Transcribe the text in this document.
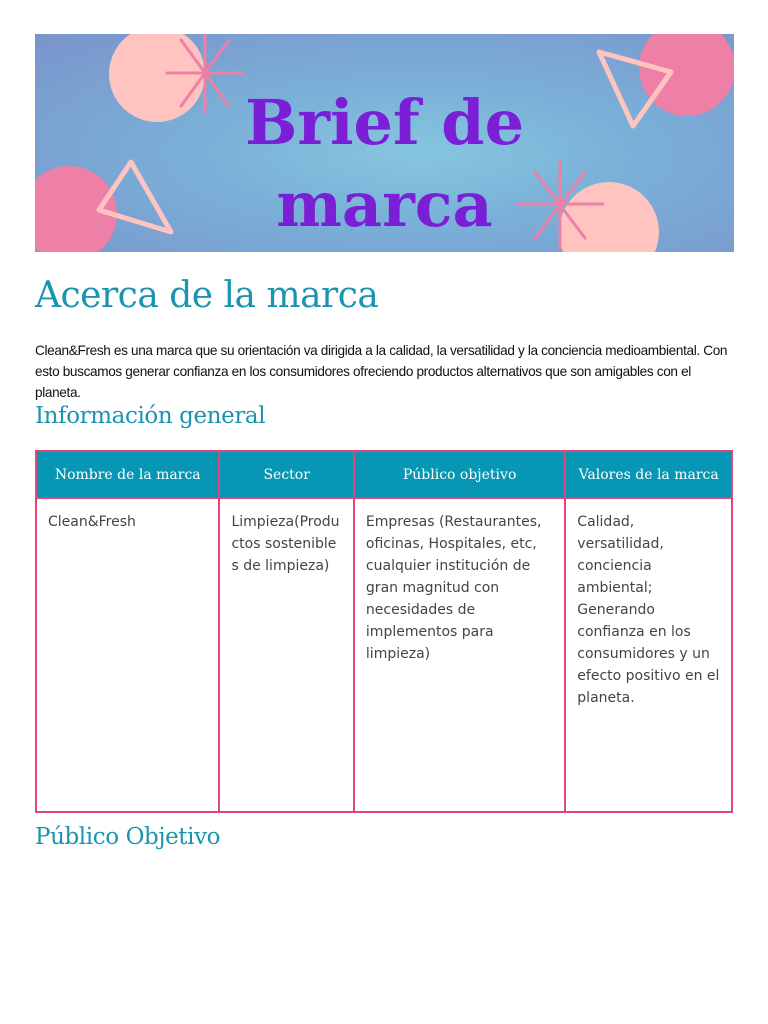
Brief de
marca
Acerca de la marca
Clean&Fresh es una marca que su orientación va dirigida a la calidad, la versatilidad y la conciencia medioambiental. Con esto buscamos generar confianza en los consumidores ofreciendo productos alternativos que son amigables con el planeta.
Información general
Nombre de la marca	Sector	Público objetivo	Valores de la marca
Clean&Fresh	Limpieza(Productos sostenibles de limpieza)	Empresas (Restaurantes, oficinas, Hospitales, etc, cualquier institución de gran magnitud con necesidades de implementos para limpieza)	Calidad, versatilidad, conciencia ambiental; Generando confianza en los consumidores y un efecto positivo en el planeta.
Público Objetivo
